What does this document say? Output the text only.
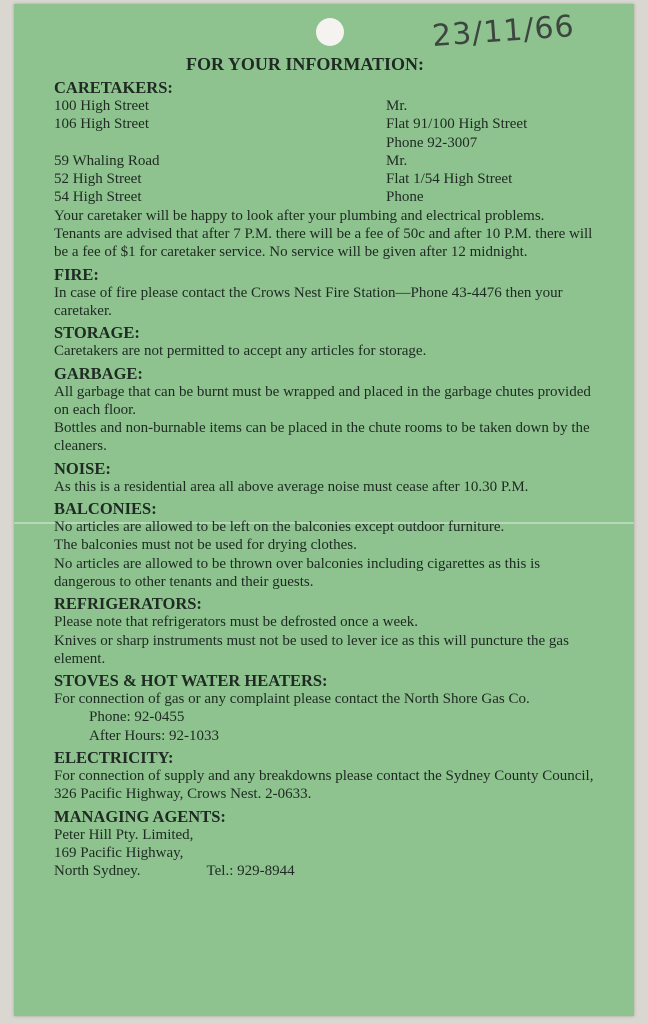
23/11/66
FOR YOUR INFORMATION:
CARETAKERS:
100 High Street	Mr.
106 High Street	Flat 91/100 High Street
Phone 92-3007
59 Whaling Road	Mr.
52 High Street	Flat 1/54 High Street
54 High Street	Phone

Your caretaker will be happy to look after your plumbing and electrical problems.

Tenants are advised that after 7 P.M. there will be a fee of 50c and after 10 P.M. there will be a fee of $1 for caretaker service. No service will be given after 12 midnight.

FIRE:

In case of fire please contact the Crows Nest Fire Station—Phone 43-4476 then your caretaker.

STORAGE:

Caretakers are not permitted to accept any articles for storage.

GARBAGE:

All garbage that can be burnt must be wrapped and placed in the garbage chutes provided on each floor.

Bottles and non-burnable items can be placed in the chute rooms to be taken down by the cleaners.

NOISE:

As this is a residential area all above average noise must cease after 10.30 P.M.

BALCONIES:

No articles are allowed to be left on the balconies except outdoor furniture.

The balconies must not be used for drying clothes.

No articles are allowed to be thrown over balconies including cigarettes as this is dangerous to other tenants and their guests.

REFRIGERATORS:

Please note that refrigerators must be defrosted once a week.

Knives or sharp instruments must not be used to lever ice as this will puncture the gas element.

STOVES & HOT WATER HEATERS:

For connection of gas or any complaint please contact the North Shore Gas Co.

Phone: 92-0455

After Hours: 92-1033

ELECTRICITY:

For connection of supply and any breakdowns please contact the Sydney County Council, 326 Pacific Highway, Crows Nest. 2-0633.

MANAGING AGENTS:

Peter Hill Pty. Limited,

169 Pacific Highway,

North Sydney.	Tel.: 929-8944
